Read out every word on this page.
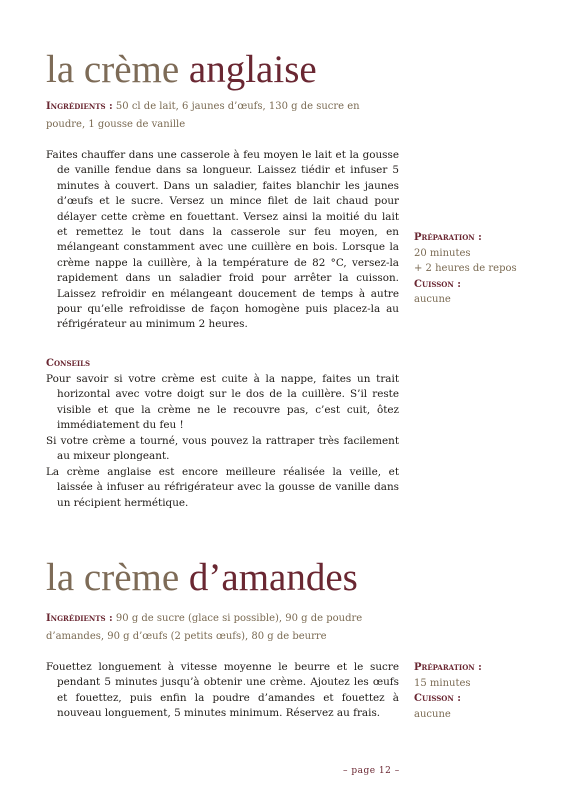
la crème anglaise
Ingrédients : 50 cl de lait, 6 jaunes d’œufs, 130 g de sucre en poudre, 1 gousse de vanille

Faites chauffer dans une casserole à feu moyen le lait et la gousse de vanille fendue dans sa longueur. Laissez tiédir et infuser 5 minutes à couvert. Dans un saladier, faites blanchir les jaunes d’œufs et le sucre. Versez un mince filet de lait chaud pour délayer cette crème en fouettant. Versez ainsi la moitié du lait et remettez le tout dans la casserole sur feu moyen, en mélangeant constamment avec une cuillère en bois. Lorsque la crème nappe la cuillère, à la température de 82 °C, versez-la rapidement dans un saladier froid pour arrêter la cuisson. Laissez refroidir en mélangeant doucement de temps à autre pour qu’elle refroidisse de façon homogène puis placez-la au réfrigérateur au minimum 2 heures.

Préparation :
20 minutes
+ 2 heures de repos
Cuisson :
aucune
Conseils

Pour savoir si votre crème est cuite à la nappe, faites un trait horizontal avec votre doigt sur le dos de la cuillère. S’il reste visible et que la crème ne le recouvre pas, c’est cuit, ôtez immédiatement du feu !

Si votre crème a tourné, vous pouvez la rattraper très facilement au mixeur plongeant.

La crème anglaise est encore meilleure réalisée la veille, et laissée à infuser au réfrigérateur avec la gousse de vanille dans un récipient hermétique.

la crème d’amandes
Ingrédients : 90 g de sucre (glace si possible), 90 g de poudre d’amandes, 90 g d’œufs (2 petits œufs), 80 g de beurre

Fouettez longuement à vitesse moyenne le beurre et le sucre pendant 5 minutes jusqu’à obtenir une crème. Ajoutez les œufs et fouettez, puis enfin la poudre d’amandes et fouettez à nouveau longuement, 5 minutes minimum. Réservez au frais.

Préparation :
15 minutes
Cuisson :
aucune
– page 12 –
